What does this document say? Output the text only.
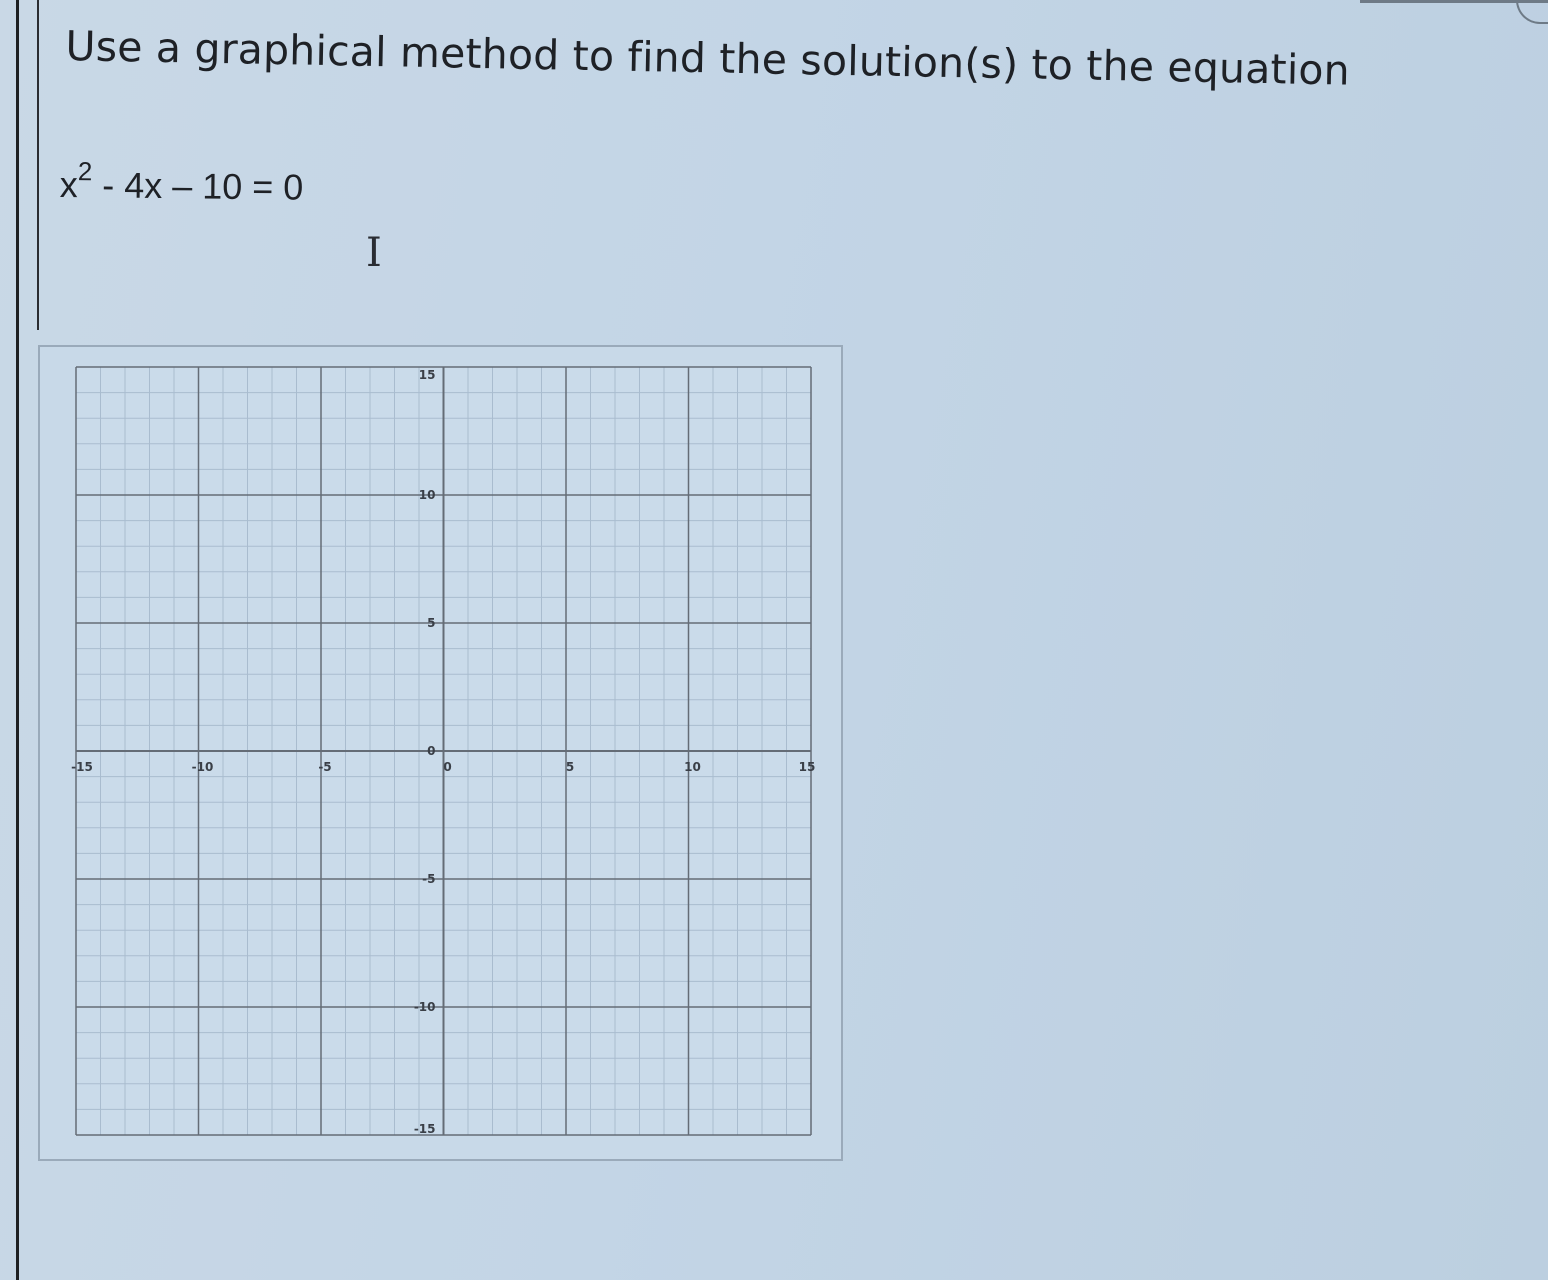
Use a graphical method to find the solution(s) to the equation
$x^2 - 4x - 10 = 0$
I
-15	-10	-5	0	5	10	15
15
10
5
0
-5
-10
-15
